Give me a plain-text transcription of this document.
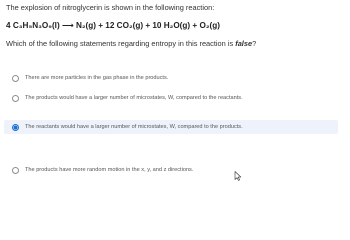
The explosion of nitroglycerin is shown in the following reaction:
4 C₃H₅N₃O₉(l) ⟶ N₂(g) + 12 CO₂(g) + 10 H₂O(g) + O₂(g)
Which of the following statements regarding entropy in this reaction is false?
There are more particles in the gas phase in the products.
The products would have a larger number of microstates, W, compared to the reactants.
The reactants would have a larger number of microstates, W, compared to the products.
The products have more random motion in the x, y, and z directions.
